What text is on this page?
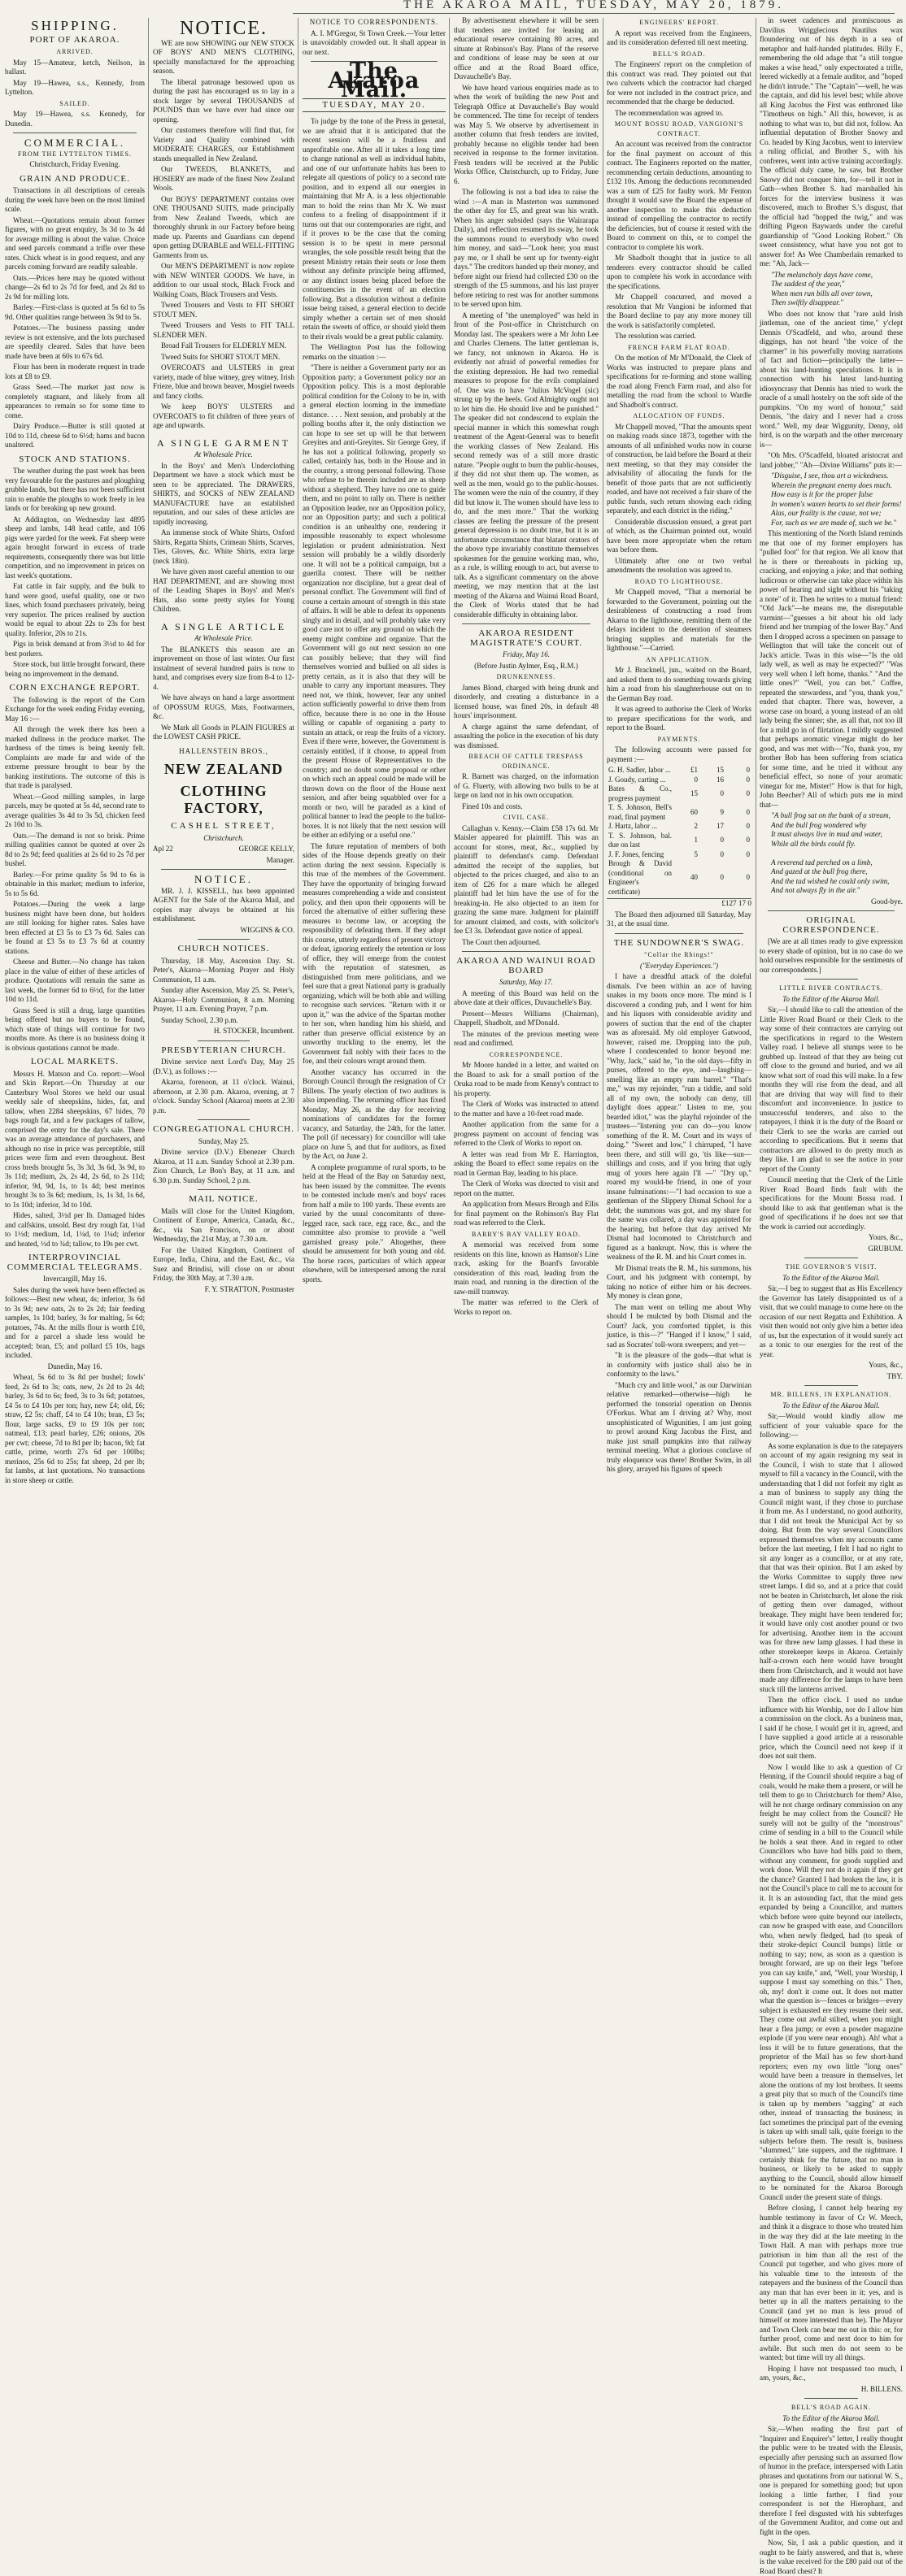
THE AKAROA MAIL, TUESDAY, MAY 20, 1879.
SHIPPING.
PORT OF AKAROA.
ARRIVED.

May 15—Amateur, ketch, Neilson, in ballast.

May 19—Hawea, s.s., Kennedy, from Lyttelton.

SAILED.

May 19—Hawea, s.s. Kennedy, for Dunedin.

COMMERCIAL.
FROM THE LYTTELTON TIMES.

Christchurch, Friday Evening.

GRAIN AND PRODUCE.

Transactions in all descriptions of cereals during the week have been on the most limited scale.

Wheat.—Quotations remain about former figures, with no great enquiry, 3s 3d to 3s 4d for average milling is about the value. Choice and seed parcels command a trifle over these rates. Chick wheat is in good request, and any parcels coming forward are readily saleable.

Oats.—Prices here may be quoted without change—2s 6d to 2s 7d for feed, and 2s 8d to 2s 9d for milling lots.

Barley.—First-class is quoted at 5s 6d to 5s 9d. Other qualities range between 3s 9d to 5s.

Potatoes.—The business passing under review is not extensive, and the lots purchased are speedily cleared. Sales that have been made have been at 60s to 67s 6d.

Flour has been in moderate request in trade lots at £8 to £9.

Grass Seed.—The market just now is completely stagnant, and likely from all appearances to remain so for some time to come.

Dairy Produce.—Butter is still quoted at 10d to 11d, cheese 6d to 6½d; hams and bacon unaltered.

STOCK AND STATIONS.

The weather during the past week has been very favourable for the pastures and ploughing grubble lands, but there has not been sufficient rain to enable the ploughs to work freely in lea lands or for breaking up new ground.

At Addington, on Wednesday last 4895 sheep and lambs, 148 head cattle, and 106 pigs were yarded for the week. Fat sheep were again brought forward in excess of trade requirements, consequently there was but little competition, and no improvement in prices on last week's quotations.

Fat cattle in fair supply, and the bulk to hand were good, useful quality, one or two lines, which found purchasers privately, being very superior. The prices realised by auction would be equal to about 22s to 23s for best quality. Inferior, 20s to 21s.

Pigs in brisk demand at from 3½d to 4d for best porkers.

Store stock, but little brought forward, there being no improvement in the demand.

CORN EXCHANGE REPORT.

The following is the report of the Corn Exchange for the week ending Friday evening, May 16 :—

All through the week there has been a marked dullness in the produce market. The hardness of the times is being keenly felt. Complaints are made far and wide of the extreme pressure brought to bear by the banking institutions. The outcome of this is that trade is paralysed.

Wheat.—Good milling samples, in large parcels, may be quoted at 5s 4d, second rate to average qualities 3s 4d to 3s 5d, chicken feed 2s 10d to 3s.

Oats.—The demand is not so brisk. Prime milling qualities cannot be quoted at over 2s 8d to 2s 9d; feed qualities at 2s 6d to 2s 7d per bushel.

Barley.—For prime quality 5s 9d to 6s is obtainable in this market; medium to inferior, 5s to 5s 6d.

Potatoes.—During the week a large business might have been done, but holders are still looking for higher rates. Sales have been effected at £3 5s to £3 7s 6d. Sales can be found at £3 5s to £3 7s 6d at country stations.

Cheese and Butter.—No change has taken place in the value of either of these articles of produce. Quotations will remain the same as last week, the former 6d to 6½d, for the latter 10d to 11d.

Grass Seed is still a drug, large quantities being offered but no buyers to be found, which state of things will continue for two months more. As there is no business doing it is obvious quotations cannot be made.

LOCAL MARKETS.

Messrs H. Matson and Co. report:—Wool and Skin Report.—On Thursday at our Canterbury Wool Stores we held our usual weekly sale of sheepskins, hides, fat, and tallow, when 2284 sheepskins, 67 hides, 70 bags rough fat, and a few packages of tallow, comprised the entry for the day's sale. There was an average attendance of purchasers, and although no rise in price was perceptible, still prices were firm and even throughout. Best cross breds brought 5s, 3s 3d, 3s 6d, 3s 9d, to 3s 11d; medium, 2s, 2s 4d, 2s 6d, to 2s 11d; inferior, 9d, 9d, 1s, to 1s 4d; best merinos brought 3s to 3s 6d; medium, 1s, 1s 3d, 1s 6d, to 1s 10d; inferior, 3d to 10d.

Hides, salted, 3½d per lb. Damaged hides and calfskins, unsold. Best dry rough fat, 1¼d to 1½d; medium, 1d, 1¼d, to 1¼d; inferior and heated, ½d to ¾d; tallow, to 19s per cwt.

INTERPROVINCIAL COMMERCIAL TELEGRAMS.

Invercargill, May 16.

Sales during the week have been effected as follows:—Best new wheat, 4s; inferior, 3s 6d to 3s 9d; new oats, 2s to 2s 2d; fair feeding samples, 1s 10d; barley, 3s for malting, 5s 6d; potatoes, 74s. At the mills flour is worth £10, and for a parcel a shade less would be accepted; bran, £5; and pollard £5 10s, bags included.

Dunedin, May 16.

Wheat, 5s 6d to 3s 8d per bushel; fowls' feed, 2s 6d to 3s; oats, new, 2s 2d to 2s 4d; barley, 3s 6d to 6s; feed, 3s to 3s 6d; potatoes, £4 5s to £4 10s per ton; hay, new £4; old, £6; straw, £2 5s; chaff, £4 to £4 10s; bran, £3 5s; flour, large sacks, £9 to £9 10s per ton; oatmeal, £13; pearl barley, £26; onions, 20s per cwt; cheese, 7d to 8d per lb; bacon, 9d; fat cattle, prime, worth 27s 6d per 100lbs; merinos, 25s 6d to 25s; fat sheep, 2d per lb; fat lambs, at last quotations. No transactions in store sheep or cattle.

NOTICE.

WE are now SHOWING our NEW STOCK OF BOYS' AND MEN'S CLOTHING, specially manufactured for the approaching season.

The liberal patronage bestowed upon us during the past has encouraged us to lay in a stock larger by several THOUSANDS of POUNDS than we have ever had since our opening.

Our customers therefore will find that, for Variety and Quality combined with MODERATE CHARGES, our Establishment stands unequalled in New Zealand.

Our TWEEDS, BLANKETS, and HOSIERY are made of the finest New Zealand Wools.

Our BOYS' DEPARTMENT contains over ONE THOUSAND SUITS, made principally from New Zealand Tweeds, which are thoroughly shrunk in our Factory before being made up. Parents and Guardians can depend upon getting DURABLE and WELL-FITTING Garments from us.

Our MEN'S DEPARTMENT is now replete with NEW WINTER GOODS. We have, in addition to our usual stock, Black Frock and Walking Coats, Black Trousers and Vests.

Tweed Trousers and Vests to FIT SHORT STOUT MEN.

Tweed Trousers and Vests to FIT TALL SLENDER MEN.

Broad Fall Trousers for ELDERLY MEN.

Tweed Suits for SHORT STOUT MEN.

OVERCOATS and ULSTERS in great variety, made of blue witney, grey witney, Irish Frieze, blue and brown beaver, Mosgiel tweeds and fancy cloths.

We keep BOYS' ULSTERS and OVERCOATS to fit children of three years of age and upwards.

A SINGLE GARMENT
At Wholesale Price.

In the Boys' and Men's Underclothing Department we have a stock which must be seen to be appreciated. The DRAWERS, SHIRTS, and SOCKS of NEW ZEALAND MANUFACTURE have an established reputation, and our sales of these articles are rapidly increasing.

An immense stock of White Shirts, Oxford Shirts, Regatta Shirts, Crimean Shirts, Scarves, Ties, Gloves, &c. White Shirts, extra large (neck 18in).

We have given most careful attention to our HAT DEPARTMENT, and are showing most of the Leading Shapes in Boys' and Men's Hats, also some pretty styles for Young Children.

A SINGLE ARTICLE
At Wholesale Price.

The BLANKETS this season are an improvement on those of last winter. Our first instalment of several hundred pairs is now to hand, and comprises every size from 8-4 to 12-4.

We have always on hand a large assortment of OPOSSUM RUGS, Mats, Footwarmers, &c.

We Mark all Goods in PLAIN FIGURES at the LOWEST CASH PRICE.

HALLENSTEIN BROS.,
NEW ZEALAND
CLOTHING FACTORY,
CASHEL STREET,
Christchurch.
Apl 22	GEORGE KELLY,

Manager.

NOTICE.

MR. J. J. KISSELL, has been appointed AGENT for the Sale of the Akaroa Mail, and copies may always be obtained at his establishment.

WIGGINS & CO.

CHURCH NOTICES.

Thursday, 18 May, Ascension Day. St. Peter's, Akaroa—Morning Prayer and Holy Communion, 11 a.m.

Sunday after Ascension, May 25. St. Peter's, Akaroa—Holy Communion, 8 a.m. Morning Prayer, 11 a.m. Evening Prayer, 7 p.m.

Sunday School, 2.30 p.m.

H. STOCKER, Incumbent.

PRESBYTERIAN CHURCH.

Divine service next Lord's Day, May 25 (D.V.), as follows :—

Akaroa, forenoon, at 11 o'clock. Wainui, afternoon, at 2.30 p.m. Akaroa, evening, at 7 o'clock. Sunday School (Akaroa) meets at 2.30 p.m.

CONGREGATIONAL CHURCH.

Sunday, May 25.

Divine service (D.V.) Ebenezer Church Akaroa, at 11 a.m. Sunday School at 2.30 p.m. Zion Church, Le Bon's Bay, at 11 a.m. and 6.30 p.m. Sunday School, 2 p.m.

MAIL NOTICE.

Mails will close for the United Kingdom, Continent of Europe, America, Canada, &c., &c., via San Francisco, on or about Wednesday, the 21st May, at 7.30 a.m.

For the United Kingdom, Continent of Europe, India, China, and the East, &c., via Suez and Brindisi, will close on or about Friday, the 30th May, at 7.30 a.m.

F. Y. STRATTON, Postmaster

NOTICE TO CORRESPONDENTS.

A. I. M'Gregor, St Town Creek.—Your letter is unavoidably crowded out. It shall appear in our next.

The Akaroa Mail.
TUESDAY, MAY 20.

To judge by the tone of the Press in general, we are afraid that it is anticipated that the recent session will be a fruitless and unprofitable one. After all it takes a long time to change national as well as individual habits, and one of our unfortunate habits has been to relegate all questions of policy to a second rate position, and to expend all our energies in maintaining that Mr A. is a less objectionable man to hold the reins than Mr X. We must confess to a feeling of disappointment if it turns out that our contemporaries are right, and if it proves to be the case that the coming session is to be spent in mere personal wrangles, the sole possible result being that the present Ministry retain their seats or lose them without any definite principle being affirmed, or any distinct issues being placed before the constituencies in the event of an election following. But a dissolution without a definite issue being raised, a general election to decide simply whether a certain set of men should retain the sweets of office, or should yield them to their rivals would be a great public calamity.

The Wellington Post has the following remarks on the situation :—

"There is neither a Government party nor an Opposition party; a Government policy nor an Opposition policy. This is a most deplorable political condition for the Colony to be in, with a general election looming in the immediate distance. . . . Next session, and probably at the polling booths after it, the only distinction we can hope to see set up will be that between Greyites and anti-Greyites. Sir George Grey, if he has not a political following, properly so called, certainly has, both in the House and in the country, a strong personal following. Those who refuse to be therein included are as sheep without a shepherd. They have no one to guide them, and no point to rally on. There is neither an Opposition leader, nor an Opposition policy, nor an Opposition party; and such a political condition is an unhealthy one, rendering it impossible reasonably to expect wholesome legislation or prudent administration. Next session will probably be a wildly disorderly one. It will not be a political campaign, but a guerilla contest. There will be neither organization nor discipline, but a great deal of personal conflict. The Government will find of course a certain amount of strength in this state of affairs. It will be able to defeat its opponents singly and in detail, and will probably take very good care not to offer any ground on which the enemy might combine and organize. That the Government will go out next session no one can possibly believe; that they will find themselves worried and bullied on all sides is pretty certain, as it is also that they will be unable to carry any important measures. They need not, we think, however, fear any united action sufficiently powerful to drive them from office, because there is no one in the House willing or capable of organising a party to sustain an attack, or reap the fruits of a victory. Even if there were, however, the Government is certainly entitled, if it choose, to appeal from the present House of Representatives to the country; and no doubt some proposal or other on which such an appeal could be made will be thrown down on the floor of the House next session, and after being squabbled over for a month or two, will be paraded as a kind of political banner to lead the people to the ballot-boxes. It is not likely that the next session will be either an edifying or a useful one."

The future reputation of members of both sides of the House depends greatly on their action during the next session. Especially is this true of the members of the Government. They have the opportunity of bringing forward measures comprehending a wide and consistent policy, and then upon their opponents will be forced the alternative of either suffering these measures to become law, or accepting the responsibility of defeating them. If they adopt this course, utterly regardless of present victory or defeat, ignoring entirely the retention or loss of office, they will emerge from the contest with the reputation of statesmen, as distinguished from mere politicians, and we feel sure that a great National party is gradually organizing, which will be both able and willing to recognise such services. "Return with it or upon it," was the advice of the Spartan mother to her son, when handing him his shield, and rather than preserve official existence by an unworthy truckling to the enemy, let the Government fall nobly with their faces to the foe, and their colours wrapt around them.

Another vacancy has occurred in the Borough Council through the resignation of Cr Billens. The yearly election of two auditors is also impending. The returning officer has fixed Monday, May 26, as the day for receiving nominations of candidates for the former vacancy, and Saturday, the 24th, for the latter. The poll (if necessary) for councillor will take place on June 5, and that for auditors, as fixed by the Act, on June 2.

A complete programme of rural sports, to be held at the Head of the Bay on Saturday next, has been issued by the committee. The events to be contested include men's and boys' races from half a mile to 100 yards. These events are varied by the usual concomitants of three-legged race, sack race, egg race, &c., and the committee also promise to provide a "well garnished greasy pole." Altogether, there should be amusement for both young and old. The horse races, particulars of which appear elsewhere, will be interspersed among the rural sports.

By advertisement elsewhere it will be seen that tenders are invited for leasing an educational reserve containing 80 acres, and situate at Robinson's Bay. Plans of the reserve and conditions of lease may be seen at our office and at the Road Board office, Duvauchelle's Bay.

We have heard various enquiries made as to when the work of building the new Post and Telegraph Office at Duvauchelle's Bay would be commenced. The time for receipt of tenders was May 5. We observe by advertisement in another column that fresh tenders are invited, probably because no eligible tender had been received in response to the former invitation. Fresh tenders will be received at the Public Works Office, Christchurch, up to Friday, June 6.

The following is not a bad idea to raise the wind :—A man in Masterton was summoned the other day for £5, and great was his wrath. When his anger subsided (says the Wairarapa Daily), and reflection resumed its sway, he took the summons round to everybody who owed him money, and said—"Look here; you must pay me, or I shall be sent up for twenty-eight days." The creditors handed up their money, and before night our friend had collected £30 on the strength of the £5 summons, and his last prayer before retiring to rest was for another summons to be served upon him.

A meeting of "the unemployed" was held in front of the Post-office in Christchurch on Monday last. The speakers were a Mr John Lee and Charles Clemens. The latter gentleman is, we fancy, not unknown in Akaroa. He is evidently not afraid of powerful remedies for the existing depression. He had two remedial measures to propose for the evils complained of. One was to have "Julius McVogel (sic) strung up by the heels. God Almighty ought not to let him die. He should live and be punished." The speaker did not condescend to explain the special manner in which this somewhat rough treatment of the Agent-General was to benefit the working classes of New Zealand. His second remedy was of a still more drastic nature. "People ought to burn the public-houses, if they did not shut them up. The women, as well as the men, would go to the public-houses. The women were the ruin of the country, if they did but know it. The women should have less to do, and the men more." That the working classes are feeling the pressure of the present general depression is no doubt true, but it is an unfortunate circumstance that blatant orators of the above type invariably constitute themselves spokesmen for the genuine working man, who, as a rule, is willing enough to act, but averse to talk. As a significant commentary on the above meeting, we may mention that at the last meeting of the Akaroa and Wainui Road Board, the Clerk of Works stated that he had considerable difficulty in obtaining labor.

AKAROA RESIDENT MAGISTRATE'S COURT.
Friday, May 16.

(Before Justin Aylmer, Esq., R.M.)

DRUNKENNESS.

James Blond, charged with being drunk and disorderly, and creating a disturbance in a licensed house, was fined 20s, in default 48 hours' imprisonment.

A charge against the same defendant, of assaulting the police in the execution of his duty was dismissed.

BREACH OF CATTLE TRESPASS ORDINANCE.

R. Barnett was charged, on the information of G. Fluerty, with allowing two bulls to be at large on land not in his own occupation.

Fined 10s and costs.

CIVIL CASE.

Callaghan v. Kenny.—Claim £58 17s 6d. Mr Maisler appeared for plaintiff. This was an account for stores, meat, &c., supplied by plaintiff to defendant's camp. Defendant admitted the receipt of the supplies, but objected to the prices charged, and also to an item of £26 for a mare which he alleged plaintiff had let him have the use of for the breaking-in. He also objected to an item for grazing the same mare. Judgment for plaintiff for amount claimed, and costs, with solicitor's fee £3 3s. Defendant gave notice of appeal.

The Court then adjourned.

AKAROA AND WAINUI ROAD BOARD
Saturday, May 17.

A meeting of this Board was held on the above date at their offices, Duvauchelle's Bay.

Present—Messrs Williams (Chairman), Chappell, Shadbolt, and M'Donald.

The minutes of the previous meeting were read and confirmed.

CORRESPONDENCE.

Mr Moore handed in a letter, and waited on the Board to ask for a small portion of the Oruka road to be made from Kenny's contract to his property.

The Clerk of Works was instructed to attend to the matter and have a 10-feet road made.

Another application from the same for a progress payment on account of fencing was referred to the Clerk of Works to report on.

A letter was read from Mr E. Harrington, asking the Board to effect some repairs on the road in German Bay, leading to his place.

The Clerk of Works was directed to visit and report on the matter.

An application from Messrs Brough and Ellis for final payment on the Robinson's Bay Flat road was referred to the Clerk.

BARRY'S BAY VALLEY ROAD.

A memorial was received from some residents on this line, known as Hamson's Line track, asking for the Board's favorable consideration of this road, leading from the main road, and running in the direction of the saw-mill tramway.

The matter was referred to the Clerk of Works to report on.

ENGINEERS' REPORT.

A report was received from the Engineers, and its consideration deferred till next meeting.

BELL'S ROAD.

The Engineers' report on the completion of this contract was read. They pointed out that two culverts which the contractor had charged for were not included in the contract price, and recommended that the charge be deducted.

The recommendation was agreed to.

MOUNT BOSSU ROAD, VANGIONI'S CONTRACT.

An account was received from the contractor for the final payment on account of this contract. The Engineers reported on the matter, recommending certain deductions, amounting to £132 10s. Among the deductions recommended was a sum of £25 for faulty work. Mr Fenton thought it would save the Board the expense of another inspection to make this deduction instead of compelling the contractor to rectify the deficiencies, but of course it rested with the Board to comment on this, or to compel the contractor to complete his work.

Mr Shadbolt thought that in justice to all tenderers every contractor should be called upon to complete his work in accordance with the specifications.

Mr Chappell concurred, and moved a resolution that Mr Vangioni be informed that the Board decline to pay any more money till the work is satisfactorily completed.

The resolution was carried.

FRENCH FARM FLAT ROAD.

On the motion of Mr M'Donald, the Clerk of Works was instructed to prepare plans and specifications for re-forming and stone walling the road along French Farm road, and also for metalling the road from the school to Wardle and Shadbolt's contract.

ALLOCATION OF FUNDS.

Mr Chappell moved, "That the amounts spent on making roads since 1873, together with the amounts of all unfinished works now in course of construction, be laid before the Board at their next meeting, so that they may consider the advisability of allocating the funds for the benefit of those parts that are not sufficiently roaded, and have not received a fair share of the public funds, such return showing each riding separately, and each district in the riding."

Considerable discussion ensued, a great part of which, as the Chairman pointed out, would have been more appropriate when the return was before them.

Ultimately after one or two verbal amendments the resolution was agreed to.

ROAD TO LIGHTHOUSE.

Mr Chappell moved, "That a memorial be forwarded to the Government, pointing out the desirableness of constructing a road from Akaroa to the lighthouse, remitting them of the delays incident to the detention of steamers bringing supplies and materials for the lighthouse."—Carried.

AN APPLICATION.

Mr J. Bracknell, jun., waited on the Board, and asked them to do something towards giving him a road from his slaughterhouse out on to the German Bay road.

It was agreed to authorise the Clerk of Works to prepare specifications for the work, and report to the Board.

PAYMENTS.

The following accounts were passed for payment :—

G. H. Sadler, labor ...	£1	15	0
J. Goudy, carting ...	0	16	0
Bates & Co., progress payment	15	0	0
T. S. Johnson, Bell's road, final payment	60	9	0
J. Hartz, labor ...	2	17	0
T. S. Johnson, bal. due on last	1	0	0
J. F. Jones, fencing	5	0	0
Brough & David (conditional on Engineer's certificate)	40	0	0

£127 17 0

The Board then adjourned till Saturday, May 31, at the usual time.

THE SUNDOWNER'S SWAG.
"Collar the Rhings!"
("Everyday Experiences.")

I have a dreadful attack of the doleful dismals. I've been within an ace of having snakes in my boots once more. The mind is I discovered a conding pub, and I went for him and his liquors with considerable avidity and powers of suction that the end of the chapter was as aforesaid. My old employer Gatwood, however, raised me. Dropping into the pub, where I condescended to honor beyond me: "Why, Jack," said he, "in the old days—fifty in purses, offered to the eye, and—laughing—smelling like an empty rum barrel." "That's me," was my rejoinder, "run a tiddle, and sold all of my own, the nobody can deny, till daylight does appear." Listen to me, you bearded idiot," was the playful rejoinder of the trustees—"listening you can do—you know something of the R. M. Court and its ways of doing." "Sweet and low," I chirruped, "I have been there, and still will go, 'tis like—sun—shillings and costs, and if you bring that ugly mug of yours here again I'll —" "Dry up," roared my would-be friend, in one of your insane fulminations:—"I had occasion to sue a gentleman of the Slippery Dismal School for a debt; the summons was got, and my share for the same was collared, a day was appointed for the hearing, but before that day arrived Mr Dismal had locomoted to Christchurch and figured as a bankrupt. Now, this is where the weakness of the R. M. and his Court comes in.

Mr Dismal treats the R. M., his summons, his Court, and his judgment with contempt, by taking no notice of either him or his decrees. My money is clean gone,

The man went on telling me about Why should I be mulcted by both Dismal and the Court? Jack, you comforted tipplet, is this justice, is this—?" "Hanged if I know," I said, sad as Socrates' toll-worn sweepers; and yet—

"It is the pleasure of the gods—that what is in conformity with justice shall also be in conformity to the laws."

"Much cry and little wool," as our Darwinian relative remarked—otherwise—high he performed the tonsorial operation on Dennis O'Forkus. What am I driving at? Why, most unsophisticated of Wigunities, I am just going to prowl around King Jacobus the First, and make just small pumpkins into that railway terminal meeting. What a glorious conclave of truly eloquence was there! Brother Swim, in all his glory, arrayed his figures of speech

in sweet cadences and promiscuous as Davilius Wrigglecious Nautilus wax floundering out of his depth in a sea of metaphor and half-handed platitudes. Billy F., remembering the old adage that "a still tongue makes a wise head," only expectorated a trifle, leered wickedly at a female auditor, and "hoped he didn't intrude." The "Captain"—well, he was the captain, and did his level best; while above all King Jacobus the First was enthroned like "Timotheus on high." All this, however, is as nothing to what was to, but did not, follow. An influential deputation of Brother Snowy and Co. headed by King Jacobus, went to interview a ruling official, and Brother S., with his confreres, went into active training accordingly. The official duly came, he saw, but Brother Snowy did not conquer him, for—tell it not in Gath—when Brother S. had marshalled his forces for the interview business it was discovered, much to Brother S.'s disgust, that the official had "hopped the twig," and was drifting Pigeon Baywards under the careful guardianship of "Good Looking Robert." Oh sweet consistency, what have you not got to answer for! As Wee Chamberlain remarked to me: "Ah, Jack—

"The melancholy days have come,
The saddest of the year,"
When men run bills all over town,
Then swiftly disappear."

Who does not know that "rare auld Irish jintleman, one of the ancient time," y'clept Dennis O'Scadfeld, and who, around these diggings, has not heard "the voice of the charmer" in his powerfully moving narrations of fact and fiction—principally the latter—about his land-hunting speculations. It is in connection with his latest land-hunting idiosyncrasy that Dennis has tried to work the oracle of a small hostelry on the soft side of the pumpkins. "On my word of honour," said Dennis, "the dairy and I never had a cross word." Well, my dear Wiggunity, Denny, old bird, is on the warpath and the other mercenary is—

"Oh Mrs. O'Scadfeld, bloated aristocrat and land jobber," "Ah—Divine Williams" puts it:—

"Disguise, I see, thou art a wickedness.
Wherein the pregnant enemy does much.
How easy is it for the proper false
In women's waxen hearts to set their forms!
Alas, our frailty is the cause, not we;
For, such as we are made of, such we be."

This mentioning of the North Island reminds me that one of my former employers has "pulled foot" for that region. We all know that he is there or thereabouts in picking up, cracking, and enjoying a joke; and that nothing ludicrous or otherwise can take place within his power of hearing and sight without his "taking a note" of it. Then he writes to a mutual friend: "Old Jack"—he means me, the disreputable varmint—"guesses a bit about his old lady friend and her trumping of the lower Bay." And then I dropped across a specimen on passage to Wellington that will take the conceit out of Jack's article. Twas in this wise—"Is the old lady well, as well as may be expected?" "Was very well when I left home, thanks." "And the little ones?" "Well, you can bet." Coffee, repeated the stewardess, and "you, thank you," ended that chapter. There was, however, a worse case on board, a young instead of an old lady being the sinner; she, as all that, not too ill for a mild go in of flirtation. I mildly suggested that perhaps aromatic vinegar might do her good, and was met with—"No, thank you, my brother Bob has been suffering from sciatica for some time, and he tried it without any beneficial effect, so none of your aromatic vinegar for me, Mister!" How is that for high, John Beecher? All of which puts me in mind that—

"A bull frog sat on the bank of a stream,
And the bull frog wondered why
It must always live in mud and water,
While all the birds could fly.

A reverend tad perched on a limb,
And gazed at the bull frog there,
And the tad wished he could only swim,
And not always fly in the air."

Good-bye.

ORIGINAL CORRESPONDENCE.

[We are at all times ready to give expression to every shade of opinion, but in no case do we hold ourselves responsible for the sentiments of our correspondents.]

LITTLE RIVER CONTRACTS.
To the Editor of the Akaroa Mail.

Sir,—I should like to call the attention of the Little River Road Board or their Clerk to the way some of their contractors are carrying out the specifications in regard to the Western Valley road. I believe all stumps were to be grubbed up. Instead of that they are being cut off close to the ground and buried, and we all know what sort of road this will make. In a few months they will rise from the dead, and all that are driving that way will find to their discomfort and inconvenience. In justice to unsuccessful tenderers, and also to the ratepayers, I think it is the duty of the Board or their Clerk to see the works are carried out according to specifications. But it seems that contractors are allowed to do pretty much as they like. I am glad to see the notice in your report of the County

Council meeting that the Clerk of the Little River Road Board finds fault with the specifications for the Mount Bossu road. I should like to ask that gentleman what is the good of specifications if he does not see that the work is carried out accordingly.

Yours, &c.,

GRUBUM.

THE GOVERNOR'S VISIT.
To the Editor of the Akaroa Mail.

Sir,—I beg to suggest that as His Excellency the Governor has lately disappointed us of a visit, that we could manage to come here on the occasion of our next Regatta and Exhibition. A visit then would not only give him a better idea of us, but the expectation of it would surely act as a tonic to our energies for the rest of the year.

Yours, &c.,

TBY.

MR. BILLENS, IN EXPLANATION.
To the Editor of the Akaroa Mail.

Sir,—Would would kindly allow me sufficient of your valuable space for the following:—

As some explanation is due to the ratepayers on account of my again resigning my seat in the Council, I wish to state that I allowed myself to fill a vacancy in the Council, with the understanding that I did not forfeit my right as a man of business to supply any thing the Council might want, if they chose to purchase it from me. As I understand, no good authority, that I did not break the Municipal Act by so doing. But from the way several Councillors expressed themselves when my accounts came before the last meeting, I felt I had no right to sit any longer as a councillor, or at any rate, that that was their opinion. But I am asked by the Works Committee to supply three new street lamps. I did so, and at a price that could not be beaten in Christchurch, let alone the risk of getting them over damaged, without breakage. They might have been tendered for; it would have only cost another pound or two for advertising. Another item in the account was for three new lamp glasses. I had these in other storekeeper keeps in Akaroa. Certainly half-a-crown each here would have brought them from Christchurch, and it would not have made any difference for the lamps to have been stuck till the lanterns arrived.

Then the office clock. I used no undue influence with his Worship, nor do I allow him a commission on the clock. As a business man, I said if he chose, I would get it in, agreed, and I have supplied a good article at a reasonable price, which the Council need not keep if it does not suit them.

Now I would like to ask a question of Cr Henning, if the Council should require a bag of coals, would he make them a present, or will he tell them to go to Christchurch for them? Also, will he not charge ordinary commission on any freight he may collect from the Council? He surely will not be guilty of the "monstrous" crime of sending in a bill to the Council while he holds a seat there. And in regard to other Councillors who have had bills paid to them, without any comment, for goods supplied and work done. Will they not do it again if they get the chance? Granted I had broken the law, it is not the Council's place to call me to account for it. It is an astounding fact, that the mind gets expanded by being a Councillor, and matters which before were quite beyond our intellects, can now be grasped with ease, and Councillors who, when newly fledged, had (to speak of their stroke-depict Council bumps) little or nothing to say; now, as soon as a question is brought forward, are up on their legs "before you can say knife," and, "Well, your Worship, I suppose I must say something on this." Then, oh, my! don't it come out. It does not matter what the question is—fences or bridges—every subject is exhausted ere they resume their seat. They come out awful stilted, when you might hear a flea jump; or even a powder magazine explode (if you were near enough). Ah! what a loss it will be to future generations, that the proprietor of the Mail has so few short-hand reporters; even my own little "long ones" would have been a treasure in themselves, let alone the orations of my lost brothers. It seems a great pity that so much of the Council's time is taken up by members "sagging" at each other, instead of transacting the business; in fact sometimes the principal part of the evening is taken up with small talk, quite foreign to the subjects before them. The result is, business "slummed," late suppers, and the nightmare. I certainly think for the future, that no man in business, or likely to be asked to supply anything to the Council, should allow himself to be nominated for the Akaroa Borough Council under the present state of things.

Before closing, I cannot help bearing my humble testimony in favor of Cr W. Meech, and think it a disgrace to those who treated him in the way they did at the late meeting in the Town Hall. A man with perhaps more true patriotism in him than all the rest of the Council put together, and who gives more of his valuable time to the interests of the ratepayers and the business of the Council than any man that has ever been in it; yes, and is better up in all the matters pertaining to the Council (and yet no man is less proud of himself or more interested than he). The Mayor and Town Clerk can bear me out in this: or, for further proof, come and next door to him for awhile. But such men do not seem to be wanted; but time will try all things.

Hoping I have not trespassed too much, I am, yours, &c.,

H. BILLENS.

BELL'S ROAD AGAIN.
To the Editor of the Akaroa Mail.

Sir,—When reading the first part of "Inquirer and Enquirer's" letter, I really thought the public were to be treated with the Eleusis, especially after perusing such an assumed flow of humor in the preface, interspersed with Latin phrases and quotations from our national W. S., one is prepared for something good; but upon looking a little farther, I find your correspondent is not the Hierophant, and therefore I feel disgusted with his subterfuges of the Government Auditor, and come out and fight in the open.

Now, Sir, I ask a public question, and it ought to be fairly answered, and that is, where is the value received for the £80 paid out of the Road Board chest? It
